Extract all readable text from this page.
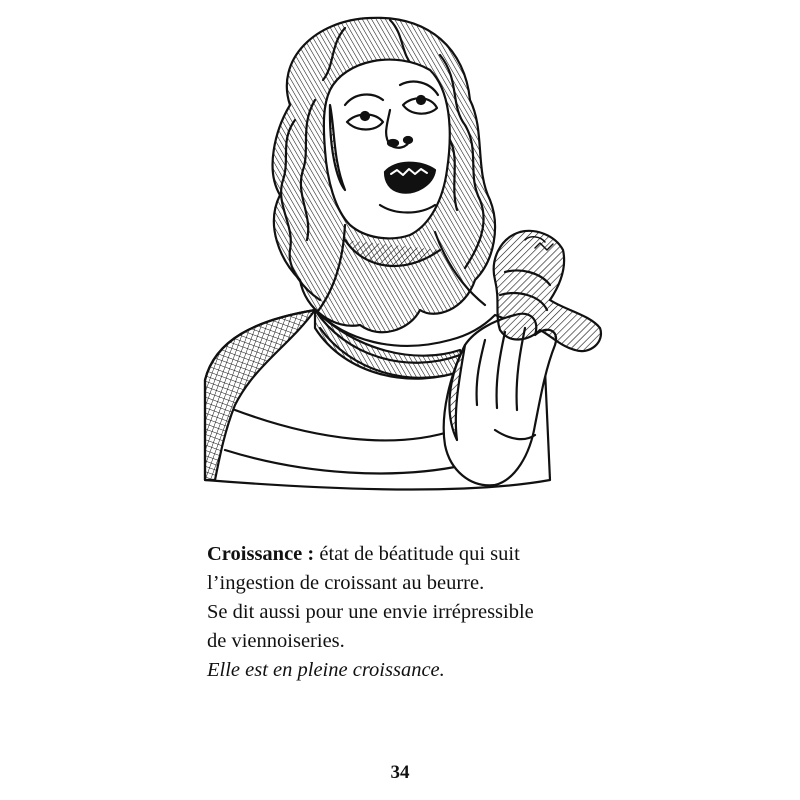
Croissance : état de béatitude qui suit

l’ingestion de croissant au beurre.

Se dit aussi pour une envie irrépressible

de viennoiseries.

Elle est en pleine croissance.

34
